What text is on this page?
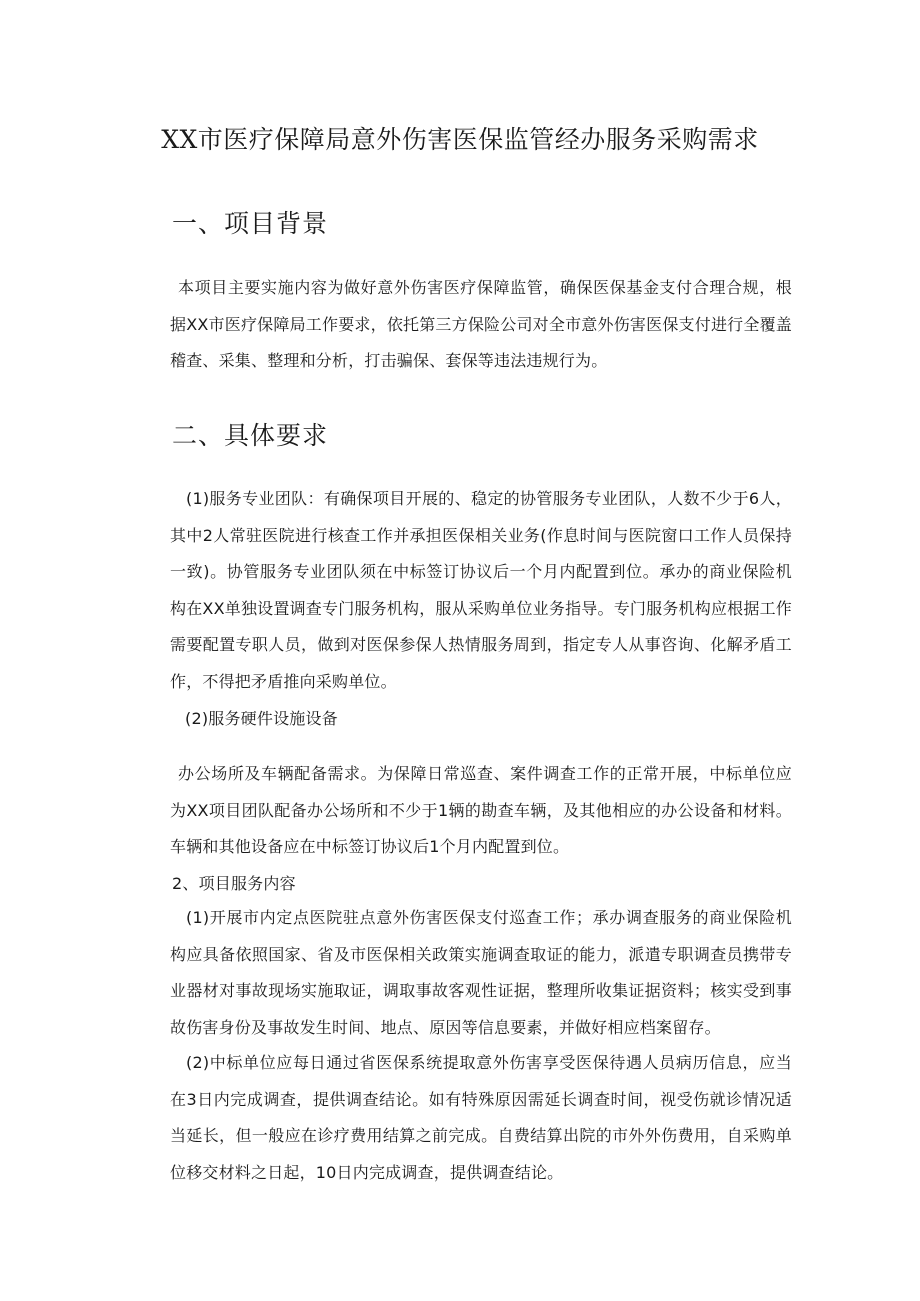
XX市医疗保障局意外伤害医保监管经办服务采购需求
一、项目背景

本项目主要实施内容为做好意外伤害医疗保障监管，确保医保基金支付合理合规，根据XX市医疗保障局工作要求，依托第三方保险公司对全市意外伤害医保支付进行全覆盖稽查、采集、整理和分析，打击骗保、套保等违法违规行为。

二、具体要求

(1)服务专业团队：有确保项目开展的、稳定的协管服务专业团队，人数不少于6人，其中2人常驻医院进行核查工作并承担医保相关业务(作息时间与医院窗口工作人员保持一致)。协管服务专业团队须在中标签订协议后一个月内配置到位。承办的商业保险机构在XX单独设置调查专门服务机构，服从采购单位业务指导。专门服务机构应根据工作需要配置专职人员，做到对医保参保人热情服务周到，指定专人从事咨询、化解矛盾工作，不得把矛盾推向采购单位。

(2)服务硬件设施设备

办公场所及车辆配备需求。为保障日常巡查、案件调查工作的正常开展，中标单位应为XX项目团队配备办公场所和不少于1辆的勘查车辆，及其他相应的办公设备和材料。车辆和其他设备应在中标签订协议后1个月内配置到位。

2、项目服务内容

(1)开展市内定点医院驻点意外伤害医保支付巡查工作；承办调查服务的商业保险机构应具备依照国家、省及市医保相关政策实施调查取证的能力，派遣专职调查员携带专业器材对事故现场实施取证，调取事故客观性证据，整理所收集证据资料；核实受到事故伤害身份及事故发生时间、地点、原因等信息要素，并做好相应档案留存。

(2)中标单位应每日通过省医保系统提取意外伤害享受医保待遇人员病历信息，应当在3日内完成调查，提供调查结论。如有特殊原因需延长调查时间，视受伤就诊情况适当延长，但一般应在诊疗费用结算之前完成。自费结算出院的市外外伤费用，自采购单位移交材料之日起，10日内完成调查，提供调查结论。
